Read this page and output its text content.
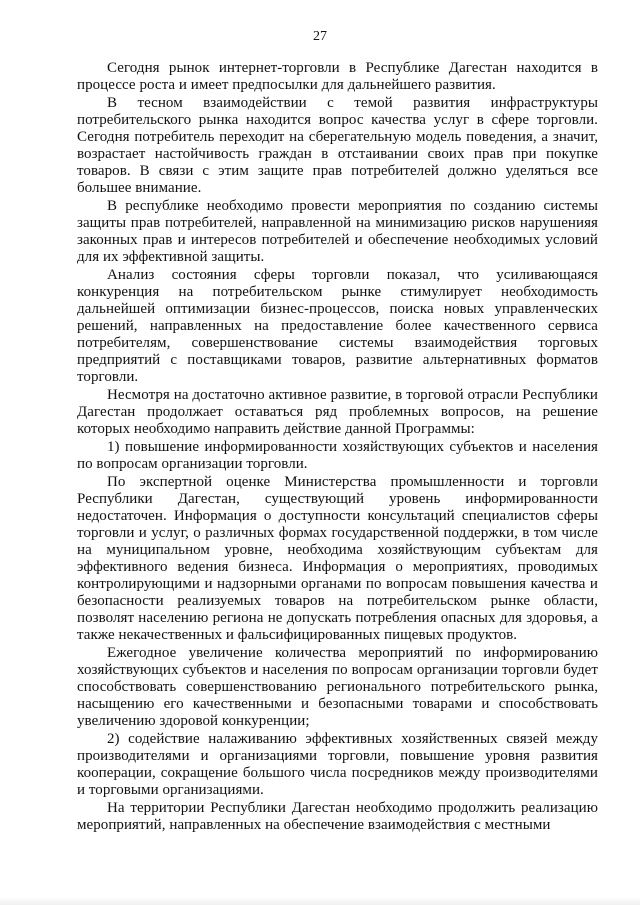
27

Сегодня рынок интернет-торговли в Республике Дагестан находится в процессе роста и имеет предпосылки для дальнейшего развития.

В тесном взаимодействии с темой развития инфраструктуры потребительского рынка находится вопрос качества услуг в сфере торговли. Сегодня потребитель переходит на сберегательную модель поведения, а значит, возрастает настойчивость граждан в отстаивании своих прав при покупке товаров. В связи с этим защите прав потребителей должно уделяться все большее внимание.

В республике необходимо провести мероприятия по созданию системы защиты прав потребителей, направленной на минимизацию рисков нарушенияя законных прав и интересов потребителей и обеспечение необходимых условий для их эффективной защиты.

Анализ состояния сферы торговли показал, что усиливающаяся конкуренция на потребительском рынке стимулирует необходимость дальнейшей оптимизации бизнес-процессов, поиска новых управленческих решений, направленных на предоставление более качественного сервиса потребителям, совершенствование системы взаимодействия торговых предприятий с поставщиками товаров, развитие альтернативных форматов торговли.

Несмотря на достаточно активное развитие, в торговой отрасли Республики Дагестан продолжает оставаться ряд проблемных вопросов, на решение которых необходимо направить действие данной Программы:

1) повышение информированности хозяйствующих субъектов и населения по вопросам организации торговли.

По экспертной оценке Министерства промышленности и торговли Республики Дагестан, существующий уровень информированности недостаточен. Информация о доступности консультаций специалистов сферы торговли и услуг, о различных формах государственной поддержки, в том числе на муниципальном уровне, необходима хозяйствующим субъектам для эффективного ведения бизнеса. Информация о мероприятиях, проводимых контролирующими и надзорными органами по вопросам повышения качества и безопасности реализуемых товаров на потребительском рынке области, позволят населению региона не допускать потребления опасных для здоровья, а также некачественных и фальсифицированных пищевых продуктов.

Ежегодное увеличение количества мероприятий по информированию хозяйствующих субъектов и населения по вопросам организации торговли будет способствовать совершенствованию регионального потребительского рынка, насыщению его качественными и безопасными товарами и способствовать увеличению здоровой конкуренции;

2) содействие налаживанию эффективных хозяйственных связей между производителями и организациями торговли, повышение уровня развития кооперации, сокращение большого числа посредников между производителями и торговыми организациями.

На территории Республики Дагестан необходимо продолжить реализацию мероприятий, направленных на обеспечение взаимодействия с местными
